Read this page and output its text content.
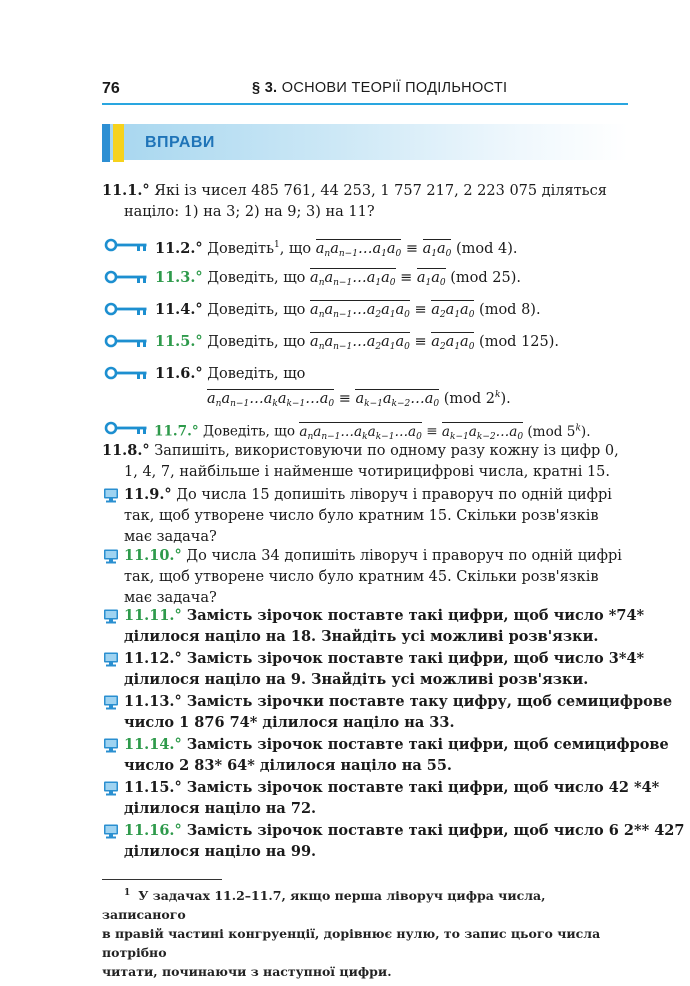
76	§ 3. ОСНОВИ ТЕОРІЇ ПОДІЛЬНОСТІ
ВПРАВИ
11.1.° Які із чисел 485 761, 44 253, 1 757 217, 2 223 075 діляться
націло: 1) на 3; 2) на 9; 3) на 11?
11.2.° Доведіть$^1$, що $a_na_{n-1}\dots a_1a_0 \equiv a_1a_0$ (mod 4).
11.3.° Доведіть, що $a_na_{n-1}\dots a_1a_0 \equiv a_1a_0$ (mod 25).
11.4.° Доведіть, що $a_na_{n-1}\dots a_2a_1a_0 \equiv a_2a_1a_0$ (mod 8).
11.5.° Доведіть, що $a_na_{n-1}\dots a_2a_1a_0 \equiv a_2a_1a_0$ (mod 125).
11.6.° Доведіть, що
$a_na_{n-1}\dots a_ka_{k-1}\dots a_0$ ≡ $a_{k-1}a_{k-2}\dots a_0$ (mod 2$^k$).
11.7.° Доведіть, що $a_na_{n-1}\dots a_ka_{k-1}\dots a_0$ ≡ $a_{k-1}a_{k-2}\dots a_0$ (mod 5$^k$).
11.8.° Запишіть, використовуючи по одному разу кожну із цифр 0,
1, 4, 7, найбільше і найменше чотирицифрові числа, кратні 15.
11.9.° До числа 15 допишіть ліворуч і праворуч по одній цифрі
так, щоб утворене число було кратним 15. Скільки розв'язків
має задача?
11.10.° До числа 34 допишіть ліворуч і праворуч по одній цифрі
так, щоб утворене число було кратним 45. Скільки розв'язків
має задача?
11.11.° Замість зірочок поставте такі цифри, щоб число *74*
ділилося націло на 18. Знайдіть усі можливі розв'язки.
11.12.° Замість зірочок поставте такі цифри, щоб число 3*4*
ділилося націло на 9. Знайдіть усі можливі розв'язки.
11.13.° Замість зірочки поставте таку цифру, щоб семицифрове
число 1 876 74* ділилося націло на 33.
11.14.° Замість зірочок поставте такі цифри, щоб семицифрове
число 2 83* 64* ділилося націло на 55.
11.15.° Замість зірочок поставте такі цифри, щоб число 42 *4*
ділилося націло на 72.
11.16.° Замість зірочок поставте такі цифри, щоб число 6 2** 427
ділилося націло на 99.
$^1$ У задачах 11.2–11.7, якщо перша ліворуч цифра числа, записаного
в правій частині конгруенції, дорівнює нулю, то запис цього числа потрібно
читати, починаючи з наступної цифри.
